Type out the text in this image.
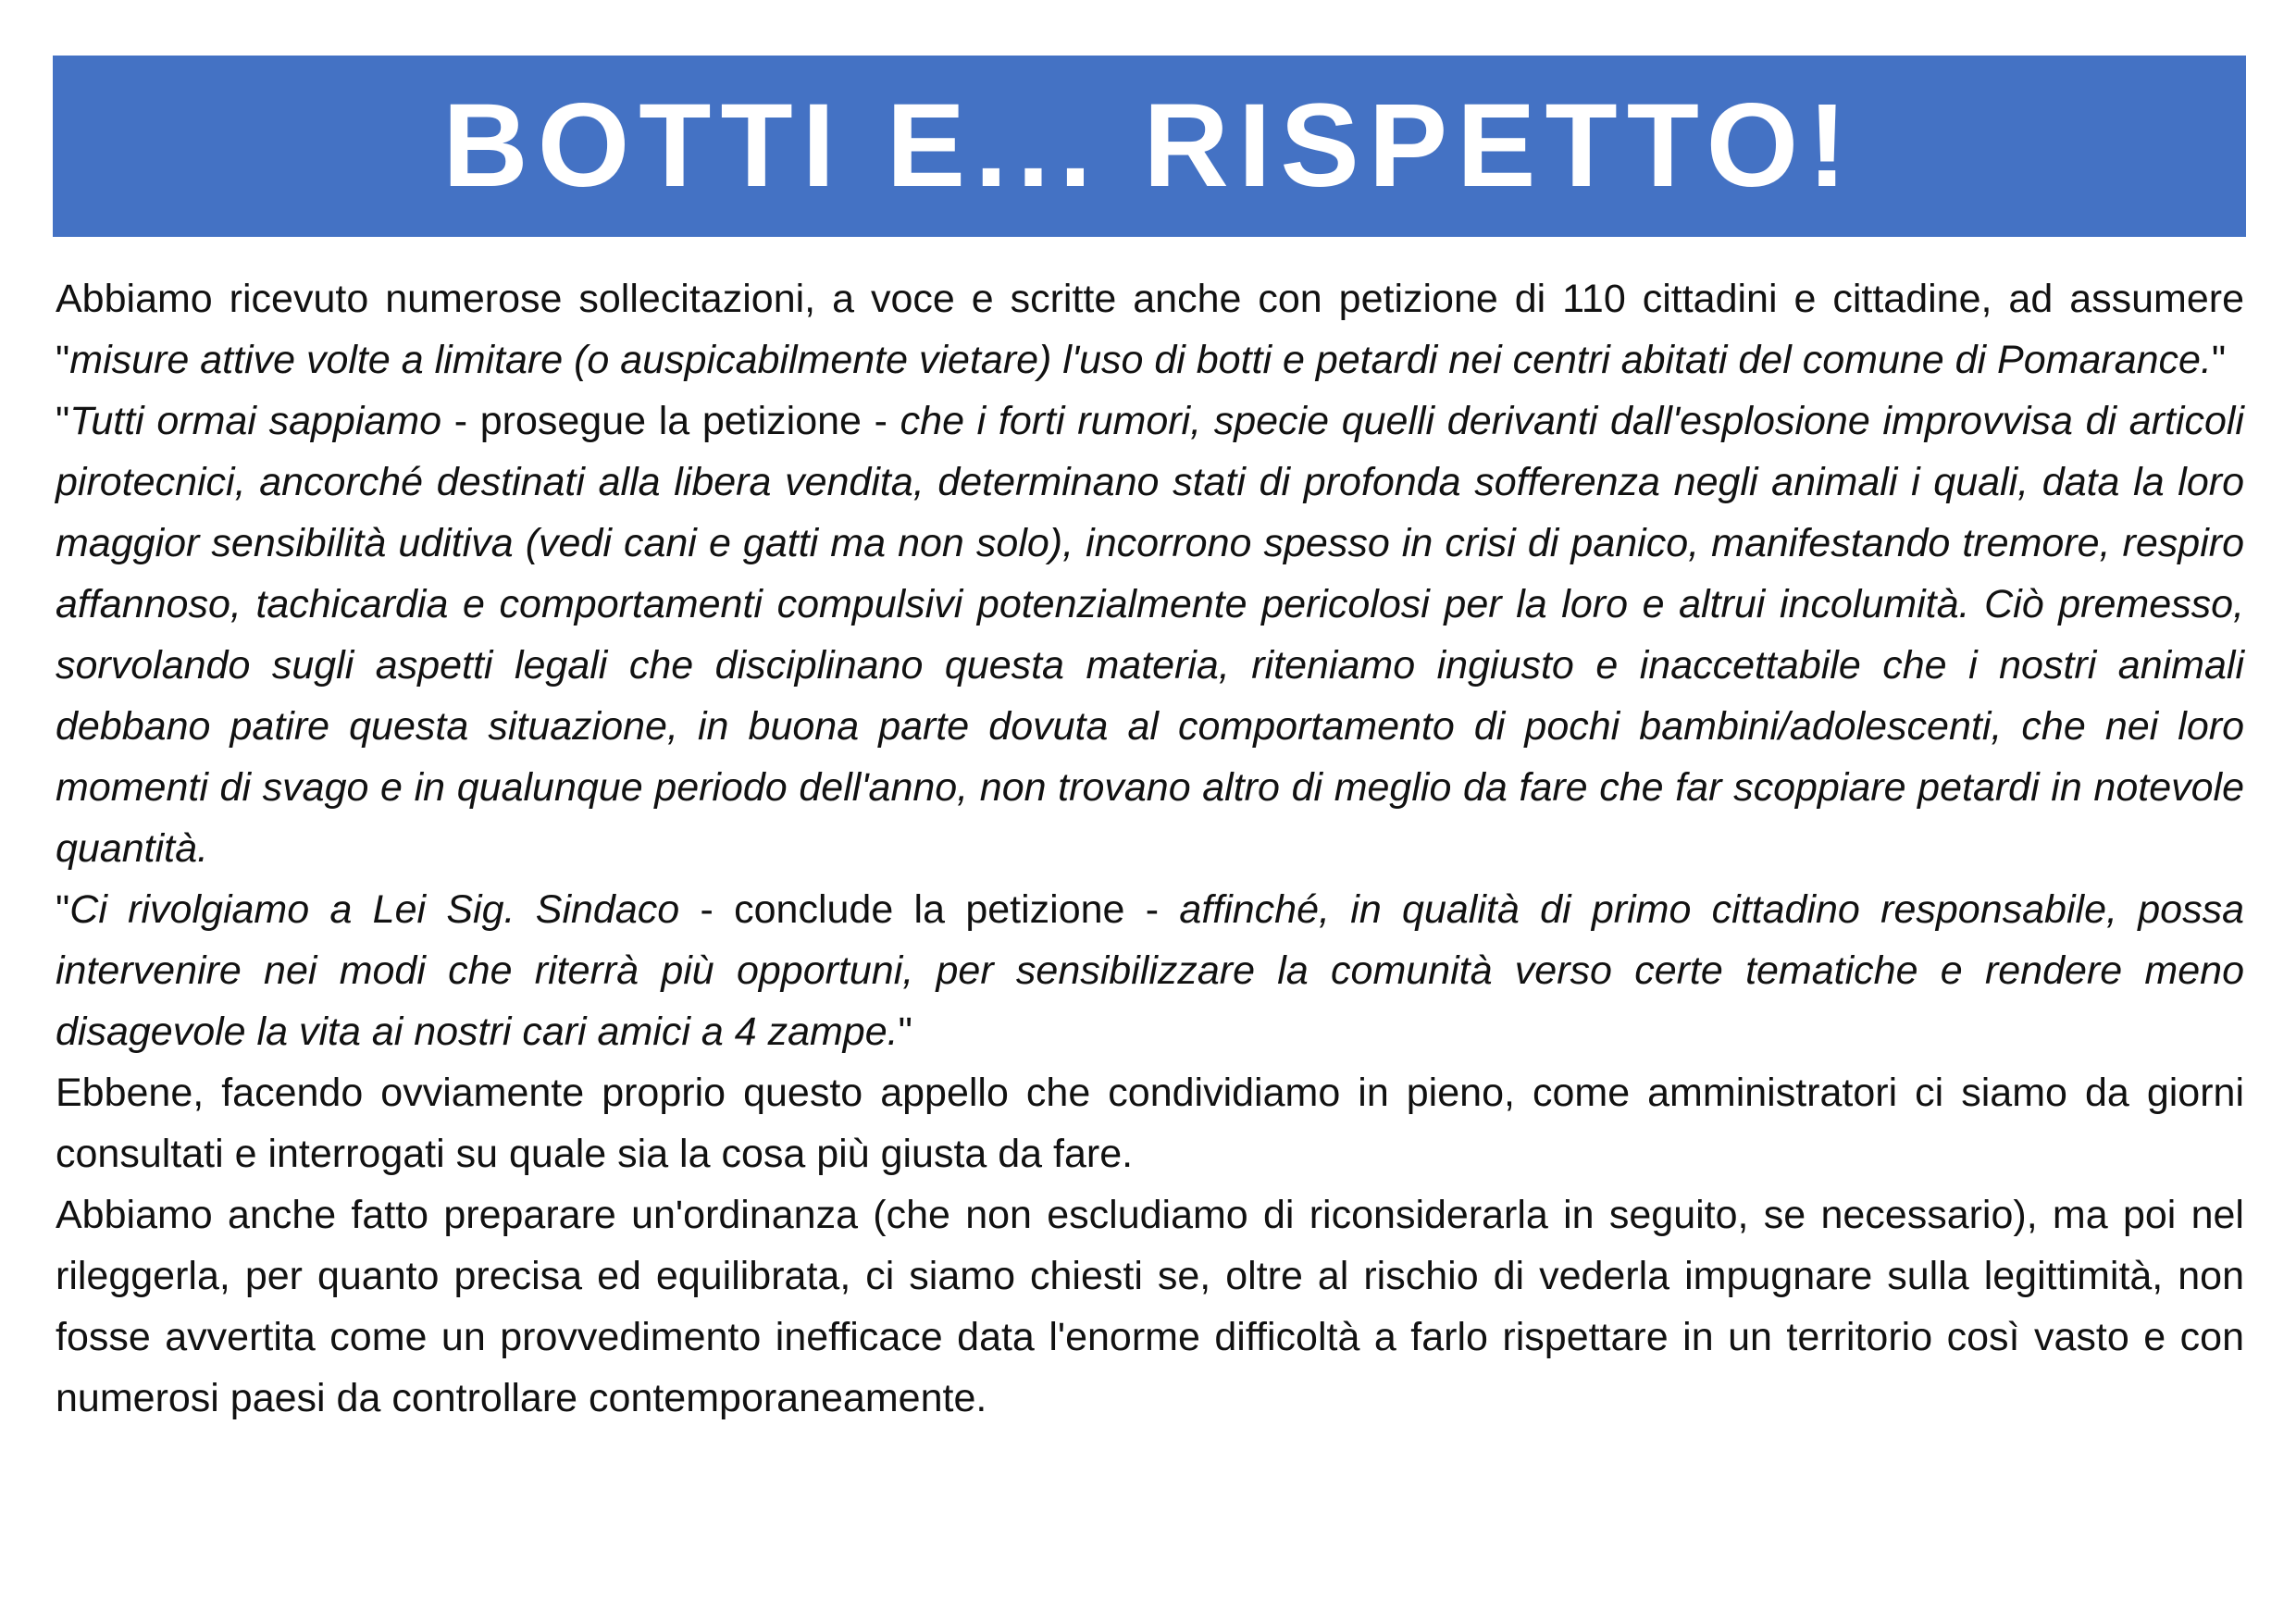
BOTTI E... RISPETTO!

Abbiamo ricevuto numerose sollecitazioni, a voce e scritte anche con petizione di 110 cittadini e cittadine, ad assumere "misure attive volte a limitare (o auspicabilmente vietare) l'uso di botti e petardi nei centri abitati del comune di Pomarance."

"Tutti ormai sappiamo - prosegue la petizione - che i forti rumori, specie quelli derivanti dall'esplosione improvvisa di articoli pirotecnici, ancorché destinati alla libera vendita, determinano stati di profonda sofferenza negli animali i quali, data la loro maggior sensibilità uditiva (vedi cani e gatti ma non solo), incorrono spesso in crisi di panico, manifestando tremore, respiro affannoso, tachicardia e comportamenti compulsivi potenzialmente pericolosi per la loro e altrui incolumità. Ciò premesso, sorvolando sugli aspetti legali che disciplinano questa materia, riteniamo ingiusto e inaccettabile che i nostri animali debbano patire questa situazione, in buona parte dovuta al comportamento di pochi bambini/adolescenti, che nei loro momenti di svago e in qualunque periodo dell'anno, non trovano altro di meglio da fare che far scoppiare petardi in notevole quantità.

"Ci rivolgiamo a Lei Sig. Sindaco - conclude la petizione - affinché, in qualità di primo cittadino responsabile, possa intervenire nei modi che riterrà più opportuni, per sensibilizzare la comunità verso certe tematiche e rendere meno disagevole la vita ai nostri cari amici a 4 zampe."

Ebbene, facendo ovviamente proprio questo appello che condividiamo in pieno, come amministratori ci siamo da giorni consultati e interrogati su quale sia la cosa più giusta da fare.

Abbiamo anche fatto preparare un'ordinanza (che non escludiamo di riconsiderarla in seguito, se necessario), ma poi nel rileggerla, per quanto precisa ed equilibrata, ci siamo chiesti se, oltre al rischio di vederla impugnare sulla legittimità, non fosse avvertita come un provvedimento inefficace data l'enorme difficoltà a farlo rispettare in un territorio così vasto e con numerosi paesi da controllare contemporaneamente.
